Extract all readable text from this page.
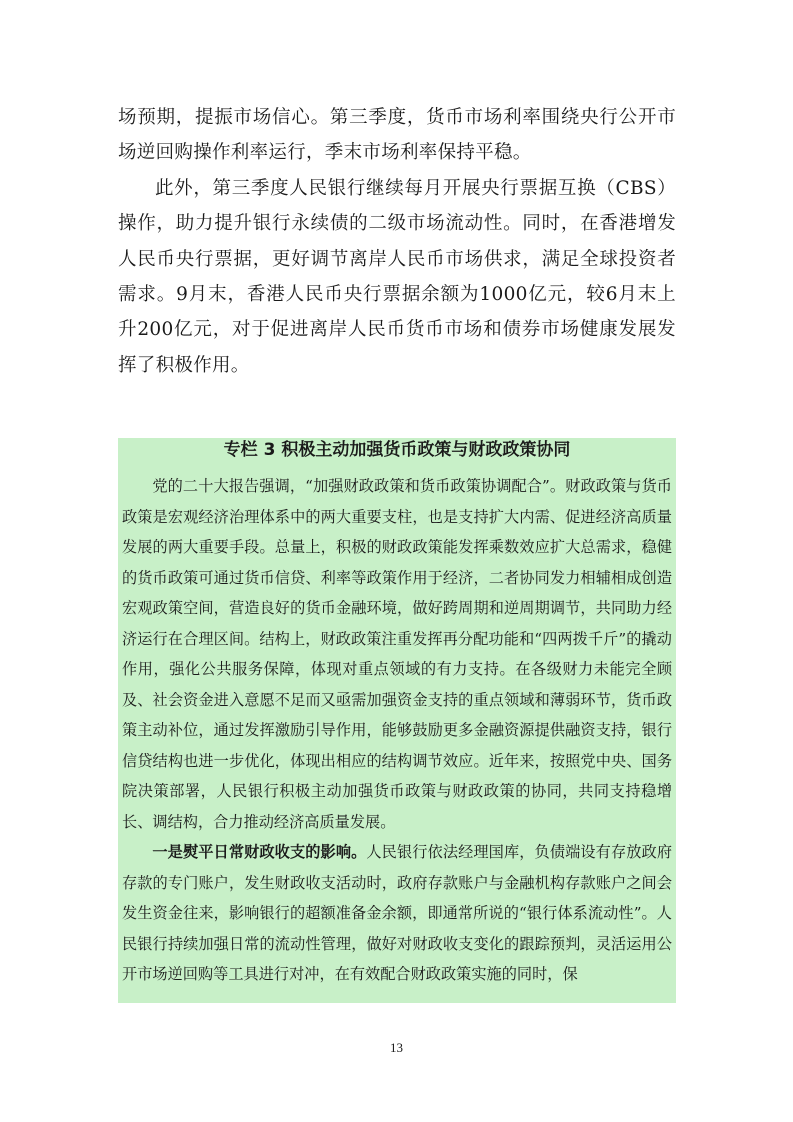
场预期，提振市场信心。第三季度，货币市场利率围绕央行公开市场逆回购操作利率运行，季末市场利率保持平稳。

此外，第三季度人民银行继续每月开展央行票据互换（CBS）操作，助力提升银行永续债的二级市场流动性。同时，在香港增发人民币央行票据，更好调节离岸人民币市场供求，满足全球投资者需求。9月末，香港人民币央行票据余额为1000亿元，较6月末上升200亿元，对于促进离岸人民币货币市场和债券市场健康发展发挥了积极作用。

专栏 3 积极主动加强货币政策与财政政策协同

党的二十大报告强调，“加强财政政策和货币政策协调配合”。财政政策与货币政策是宏观经济治理体系中的两大重要支柱，也是支持扩大内需、促进经济高质量发展的两大重要手段。总量上，积极的财政政策能发挥乘数效应扩大总需求，稳健的货币政策可通过货币信贷、利率等政策作用于经济，二者协同发力相辅相成创造宏观政策空间，营造良好的货币金融环境，做好跨周期和逆周期调节，共同助力经济运行在合理区间。结构上，财政政策注重发挥再分配功能和“四两拨千斤”的撬动作用，强化公共服务保障，体现对重点领域的有力支持。在各级财力未能完全顾及、社会资金进入意愿不足而又亟需加强资金支持的重点领域和薄弱环节，货币政策主动补位，通过发挥激励引导作用，能够鼓励更多金融资源提供融资支持，银行信贷结构也进一步优化，体现出相应的结构调节效应。近年来，按照党中央、国务院决策部署，人民银行积极主动加强货币政策与财政政策的协同，共同支持稳增长、调结构，合力推动经济高质量发展。

一是熨平日常财政收支的影响。人民银行依法经理国库，负债端设有存放政府存款的专门账户，发生财政收支活动时，政府存款账户与金融机构存款账户之间会发生资金往来，影响银行的超额准备金余额，即通常所说的“银行体系流动性”。人民银行持续加强日常的流动性管理，做好对财政收支变化的跟踪预判，灵活运用公开市场逆回购等工具进行对冲，在有效配合财政政策实施的同时，保

13
